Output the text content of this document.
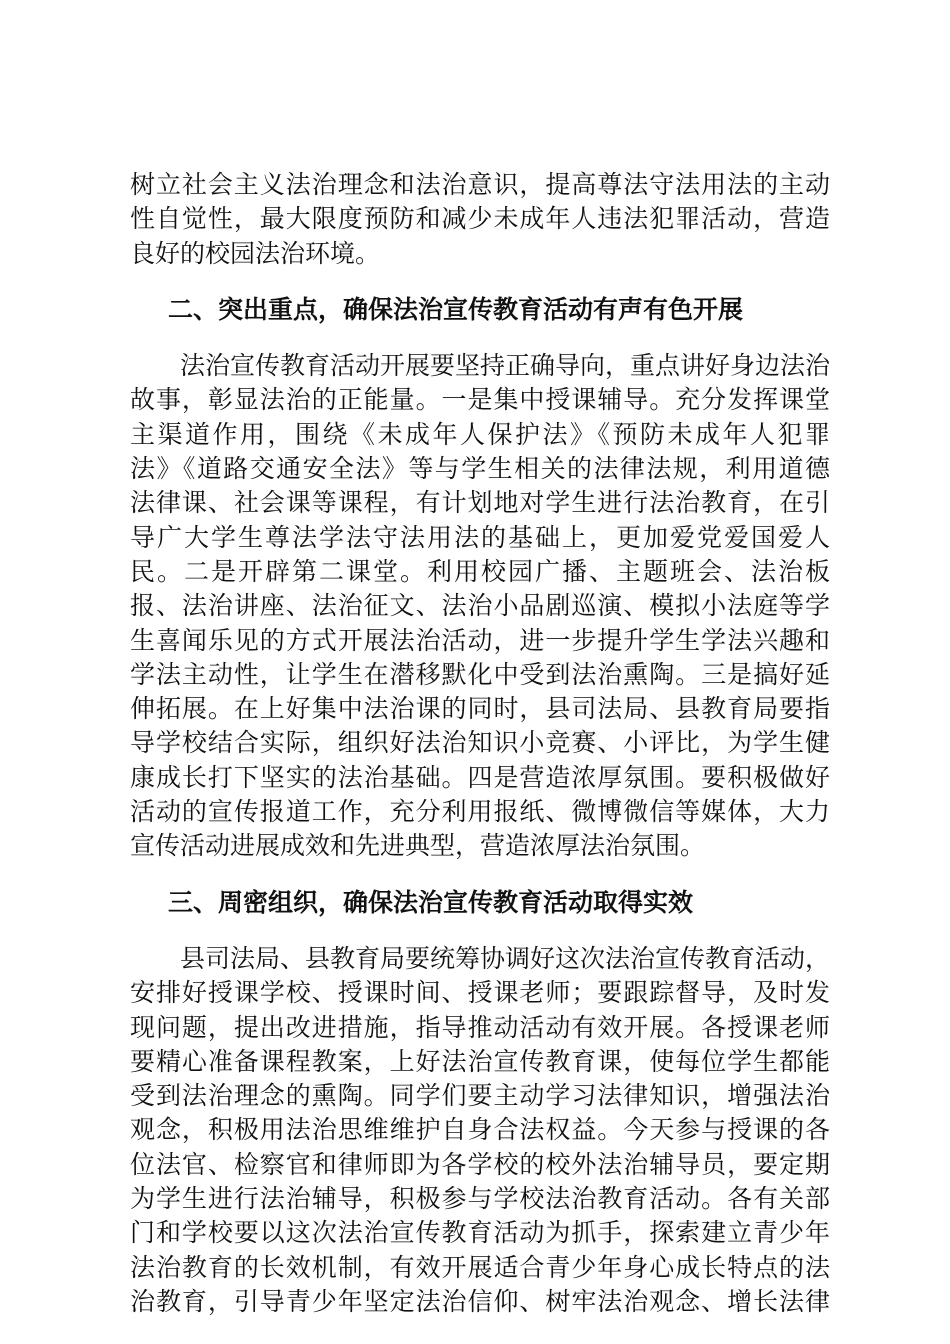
树立社会主义法治理念和法治意识，提高尊法守法用法的主动
性自觉性，最大限度预防和减少未成年人违法犯罪活动，营造
良好的校园法治环境。
二、突出重点，确保法治宣传教育活动有声有色开展
法治宣传教育活动开展要坚持正确导向，重点讲好身边法治
故事，彰显法治的正能量。一是集中授课辅导。充分发挥课堂
主渠道作用，围绕《未成年人保护法》《预防未成年人犯罪
法》《道路交通安全法》等与学生相关的法律法规，利用道德
法律课、社会课等课程，有计划地对学生进行法治教育，在引
导广大学生尊法学法守法用法的基础上，更加爱党爱国爱人
民。二是开辟第二课堂。利用校园广播、主题班会、法治板
报、法治讲座、法治征文、法治小品剧巡演、模拟小法庭等学
生喜闻乐见的方式开展法治活动，进一步提升学生学法兴趣和
学法主动性，让学生在潜移默化中受到法治熏陶。三是搞好延
伸拓展。在上好集中法治课的同时，县司法局、县教育局要指
导学校结合实际，组织好法治知识小竞赛、小评比，为学生健
康成长打下坚实的法治基础。四是营造浓厚氛围。要积极做好
活动的宣传报道工作，充分利用报纸、微博微信等媒体，大力
宣传活动进展成效和先进典型，营造浓厚法治氛围。
三、周密组织，确保法治宣传教育活动取得实效
县司法局、县教育局要统筹协调好这次法治宣传教育活动，
安排好授课学校、授课时间、授课老师；要跟踪督导，及时发
现问题，提出改进措施，指导推动活动有效开展。各授课老师
要精心准备课程教案，上好法治宣传教育课，使每位学生都能
受到法治理念的熏陶。同学们要主动学习法律知识，增强法治
观念，积极用法治思维维护自身合法权益。今天参与授课的各
位法官、检察官和律师即为各学校的校外法治辅导员，要定期
为学生进行法治辅导，积极参与学校法治教育活动。各有关部
门和学校要以这次法治宣传教育活动为抓手，探索建立青少年
法治教育的长效机制，有效开展适合青少年身心成长特点的法
治教育，引导青少年坚定法治信仰、树牢法治观念、增长法律
